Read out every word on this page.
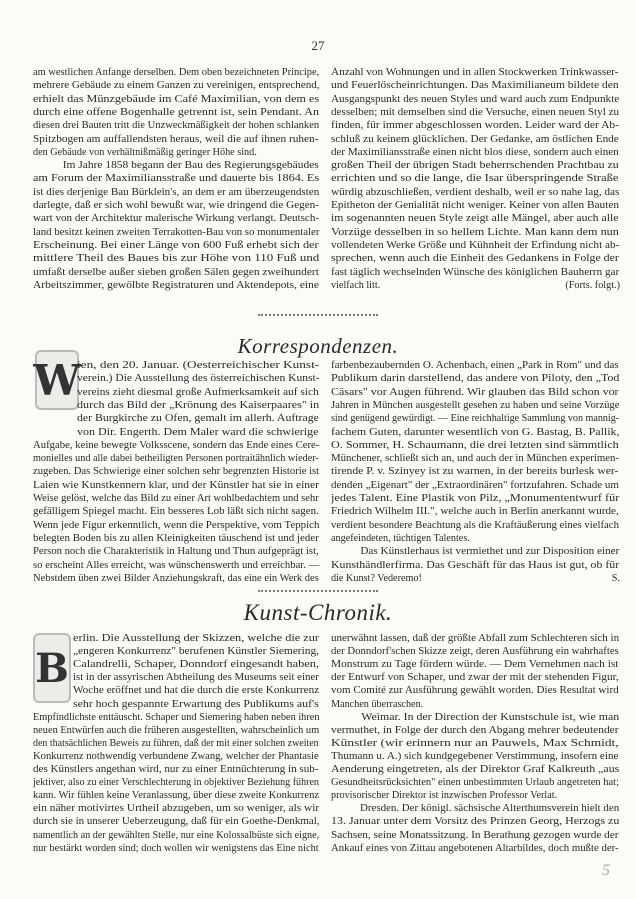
27
am westlichen Anfange derselben. Dem oben bezeichneten Principe,
mehrere Gebäude zu einem Ganzen zu vereinigen, entsprechend,
erhielt das Münzgebäude im Café Maximilian, von dem es
durch eine offene Bogenhalle getrennt ist, sein Pendant. An
diesen drei Bauten tritt die Unzweckmäßigkeit der hohen schlanken
Spitzbogen am auffallendsten heraus, weil die auf ihnen ruhen-
den Gebäude von verhältnißmäßig geringer Höhe sind.
Im Jahre 1858 begann der Bau des Regierungsgebäudes
am Forum der Maximiliansstraße und dauerte bis 1864. Es
ist dies derjenige Bau Bürklein's, an dem er am überzeugendsten
darlegte, daß er sich wohl bewußt war, wie dringend die Gegen-
wart von der Architektur malerische Wirkung verlangt. Deutsch-
land besitzt keinen zweiten Terrakotten-Bau von so monumentaler
Erscheinung. Bei einer Länge von 600 Fuß erhebt sich der
mittlere Theil des Baues bis zur Höhe von 110 Fuß und
umfaßt derselbe außer sieben großen Sälen gegen zweihundert
Arbeitszimmer, gewölbte Registraturen und Aktendepots, eine
Anzahl von Wohnungen und in allen Stockwerken Trinkwasser-
und Feuerlöscheinrichtungen. Das Maximilianeum bildete den
Ausgangspunkt des neuen Styles und ward auch zum Endpunkte
desselben; mit demselben sind die Versuche, einen neuen Styl zu
finden, für immer abgeschlossen worden. Leider ward der Ab-
schluß zu keinem glücklichen. Der Gedanke, am östlichen Ende
der Maximiliansstraße einen nicht blos diese, sondern auch einen
großen Theil der übrigen Stadt beherrschenden Prachtbau zu
errichten und so die lange, die Isar überspringende Straße
würdig abzuschließen, verdient deshalb, weil er so nahe lag, das
Epitheton der Genialität nicht weniger. Keiner von allen Bauten
im sogenannten neuen Style zeigt alle Mängel, aber auch alle
Vorzüge desselben in so hellem Lichte. Man kann dem nun
vollendeten Werke Größe und Kühnheit der Erfindung nicht ab-
sprechen, wenn auch die Einheit des Gedankens in Folge der
fast täglich wechselnden Wünsche des königlichen Bauherrn gar
vielfach litt.	(Forts. folgt.)
Korrespondenzen.
W
ien, den 20. Januar. (Oesterreichischer Kunst-
verein.) Die Ausstellung des österreichischen Kunst-
vereins zieht diesmal große Aufmerksamkeit auf sich
durch das Bild der „Krönung des Kaiserpaares" in
der Burgkirche zu Ofen, gemalt im allerh. Auftrage
von Dir. Engerth. Dem Maler ward die schwierige
Aufgabe, keine bewegte Volksscene, sondern das Ende eines Cere-
monielles und alle dabei betheiligten Personen portraitähnlich wieder-
zugeben. Das Schwierige einer solchen sehr begrenzten Historie ist
Laien wie Kunstkennern klar, und der Künstler hat sie in einer
Weise gelöst, welche das Bild zu einer Art wohlbedachtem und sehr
gefälligem Spiegel macht. Ein besseres Lob läßt sich nicht sagen.
Wenn jede Figur erkenntlich, wenn die Perspektive, vom Teppich
belegten Boden bis zu allen Kleinigkeiten täuschend ist und jeder
Person noch die Charakteristik in Haltung und Thun aufgeprägt ist,
so erscheint Alles erreicht, was wünschenswerth und erreichbar. —
Nebstdem üben zwei Bilder Anziehungskraft, das eine ein Werk des
farbenbezaubernden O. Achenbach, einen „Park in Rom" und das
Publikum darin darstellend, das andere von Piloty, den „Tod
Cäsars" vor Augen führend. Wir glauben das Bild schon vor
Jahren in München ausgestellt gesehen zu haben und seine Vorzüge
sind genügend gewürdigt. — Eine reichhaltige Sammlung von mannig-
fachem Guten, darunter wesentlich von G. Bastag, B. Pallik,
O. Sommer, H. Schaumann, die drei letzten sind sämmtlich
Münchener, schließt sich an, und auch der in München experimen-
tirende P. v. Szinyey ist zu warnen, in der bereits burlesk wer-
denden „Eigenart" der „Extraordinären" fortzufahren. Schade um
jedes Talent. Eine Plastik von Pilz, „Monumententwurf für
Friedrich Wilhelm III.", welche auch in Berlin anerkannt wurde,
verdient besondere Beachtung als die Kraftäußerung eines vielfach
angefeindeten, tüchtigen Talentes.
Das Künstlerhaus ist vermiethet und zur Disposition einer
Kunsthändlerfirma. Das Geschäft für das Haus ist gut, ob für
die Kunst? Vederemo!	S.
Kunst-Chronik.
B
erlin. Die Ausstellung der Skizzen, welche die zur
„engeren Konkurrenz" berufenen Künstler Siemering,
Calandrelli, Schaper, Donndorf eingesandt haben,
ist in der assyrischen Abtheilung des Museums seit einer
Woche eröffnet und hat die durch die erste Konkurrenz
sehr hoch gespannte Erwartung des Publikums auf's
Empfindlichste enttäuscht. Schaper und Siemering haben neben ihren
neuen Entwürfen auch die früheren ausgestellten, wahrscheinlich um
den thatsächlichen Beweis zu führen, daß der mit einer solchen zweiten
Konkurrenz nothwendig verbundene Zwang, welcher der Phantasie
des Künstlers angethan wird, nur zu einer Entnüchterung in sub-
jektiver, also zu einer Verschlechterung in objektiver Beziehung führen
kann. Wir fühlen keine Veranlassung, über diese zweite Konkurrenz
ein näher motivirtes Urtheil abzugeben, um so weniger, als wir
durch sie in unserer Ueberzeugung, daß für ein Goethe-Denkmal,
namentlich an der gewählten Stelle, nur eine Kolossalbüste sich eigne,
nur bestärkt worden sind; doch wollen wir wenigstens das Eine nicht
unerwähnt lassen, daß der größte Abfall zum Schlechteren sich in
der Donndorf'schen Skizze zeigt, deren Ausführung ein wahrhaftes
Monstrum zu Tage fördern würde. — Dem Vernehmen nach ist
der Entwurf von Schaper, und zwar der mit der stehenden Figur,
vom Comité zur Ausführung gewählt worden. Dies Resultat wird
Manchen überraschen.
Weimar. In der Direction der Kunstschule ist, wie man
vermuthet, in Folge der durch den Abgang mehrer bedeutender
Künstler (wir erinnern nur an Pauwels, Max Schmidt,
Thumann u. A.) sich kundgegebener Verstimmung, insofern eine
Aenderung eingetreten, als der Direktor Graf Kalkreuth „aus
Gesundheitsrücksichten" einen unbestimmten Urlaub angetreten hat;
provisorischer Direktor ist inzwischen Professor Verlat.
Dresden. Der königl. sächsische Alterthumsverein hielt den
13. Januar unter dem Vorsitz des Prinzen Georg, Herzogs zu
Sachsen, seine Monatssitzung. In Berathung gezogen wurde der
Ankauf eines von Zittau angebotenen Altarbildes, doch mußte der-
5
